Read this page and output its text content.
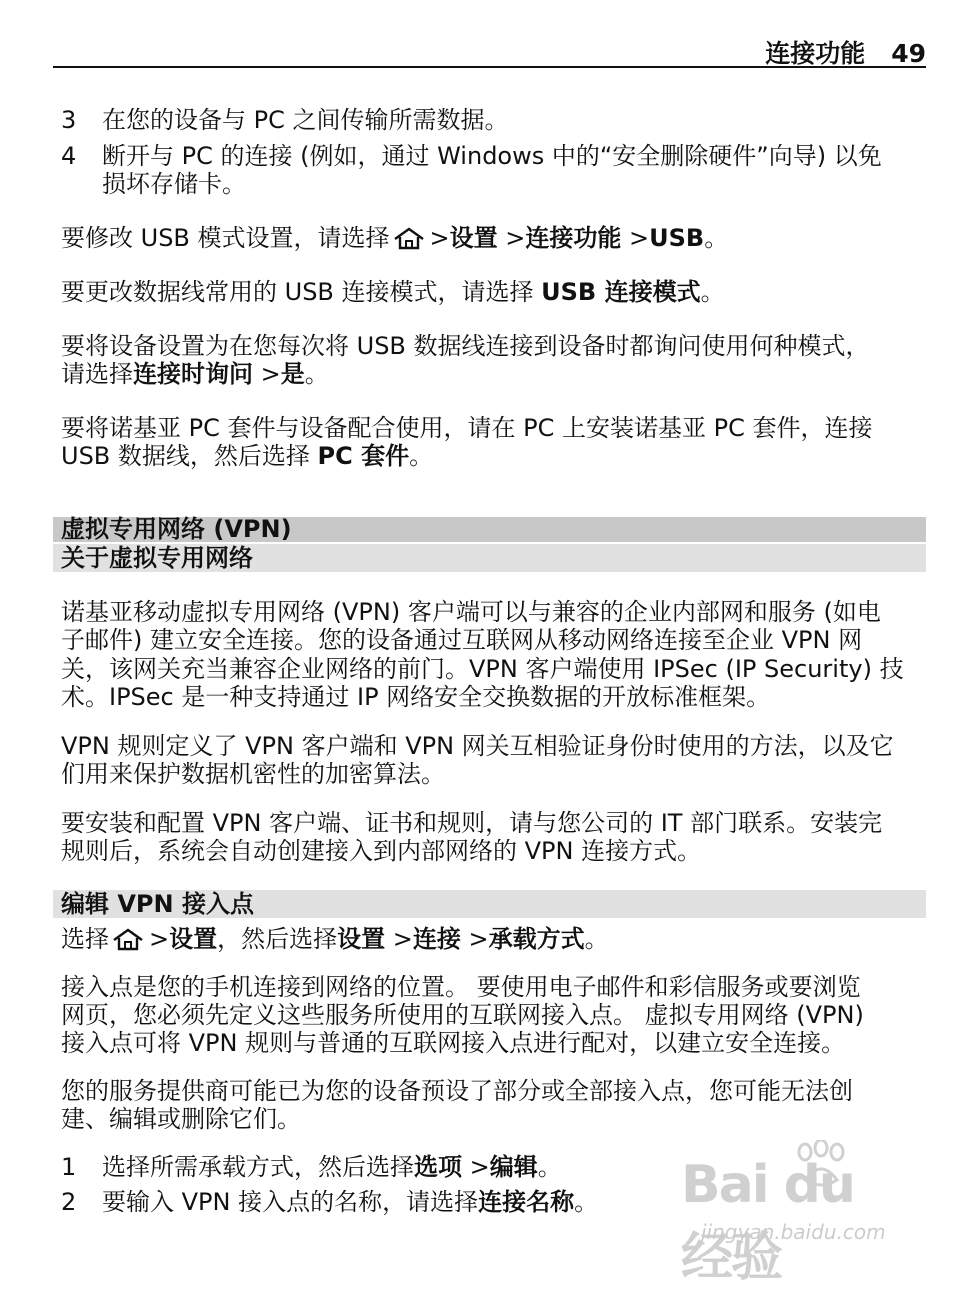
连接功能 49
3 在您的设备与 PC 之间传输所需数据。
4 断开与 PC 的连接 (例如，通过 Windows 中的“安全删除硬件”向导) 以免
损坏存储卡。
要修改 USB 模式设置，请选择 >设置 >连接功能 >USB。
要更改数据线常用的 USB 连接模式，请选择 USB 连接模式。
要将设备设置为在您每次将 USB 数据线连接到设备时都询问使用何种模式，
请选择连接时询问 >是。
要将诺基亚 PC 套件与设备配合使用，请在 PC 上安装诺基亚 PC 套件，连接
USB 数据线，然后选择 PC 套件。
虚拟专用网络 (VPN)
关于虚拟专用网络
诺基亚移动虚拟专用网络 (VPN) 客户端可以与兼容的企业内部网和服务 (如电
子邮件) 建立安全连接。您的设备通过互联网从移动网络连接至企业 VPN 网
关，该网关充当兼容企业网络的前门。VPN 客户端使用 IPSec (IP Security) 技
术。IPSec 是一种支持通过 IP 网络安全交换数据的开放标准框架。
VPN 规则定义了 VPN 客户端和 VPN 网关互相验证身份时使用的方法，以及它
们用来保护数据机密性的加密算法。
要安装和配置 VPN 客户端、证书和规则，请与您公司的 IT 部门联系。安装完
规则后，系统会自动创建接入到内部网络的 VPN 连接方式。
编辑 VPN 接入点
选择 >设置，然后选择设置 >连接 >承载方式。
接入点是您的手机连接到网络的位置。 要使用电子邮件和彩信服务或要浏览
网页，您必须先定义这些服务所使用的互联网接入点。 虚拟专用网络 (VPN)
接入点可将 VPN 规则与普通的互联网接入点进行配对，以建立安全连接。
您的服务提供商可能已为您的设备预设了部分或全部接入点，您可能无法创
建、编辑或删除它们。
1 选择所需承载方式，然后选择选项 >编辑。
2 要输入 VPN 接入点的名称，请选择连接名称。 Bai du 经验
jingyan.baidu.com
